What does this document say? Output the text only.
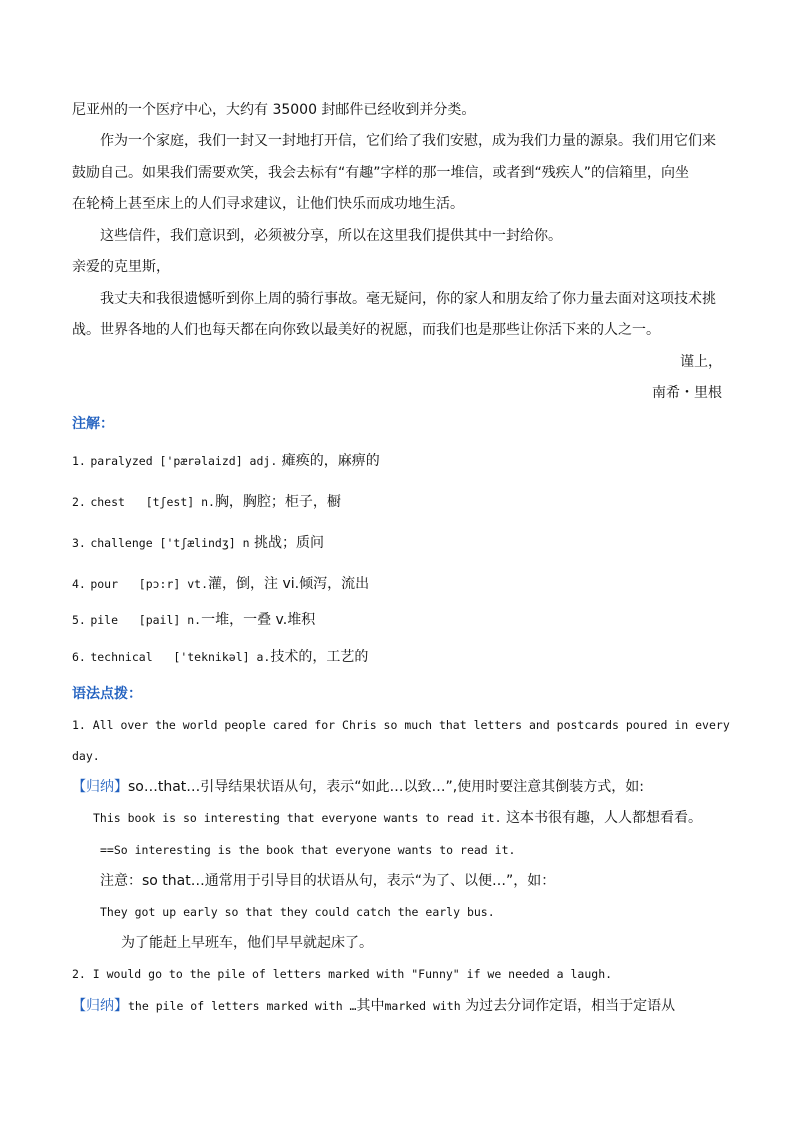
尼亚州的一个医疗中心，大约有 35000 封邮件已经收到并分类。
作为一个家庭，我们一封又一封地打开信，它们给了我们安慰，成为我们力量的源泉。我们用它们来
鼓励自己。如果我们需要欢笑，我会去标有“有趣”字样的那一堆信，或者到“残疾人”的信箱里，向坐
在轮椅上甚至床上的人们寻求建议，让他们快乐而成功地生活。
这些信件，我们意识到，必须被分享，所以在这里我们提供其中一封给你。
亲爱的克里斯，
我丈夫和我很遗憾听到你上周的骑行事故。毫无疑问，你的家人和朋友给了你力量去面对这项技术挑
战。世界各地的人们也每天都在向你致以最美好的祝愿，而我们也是那些让你活下来的人之一。
谨上，
南希・里根
注解：
1. paralyzed ['pærəlaizd] adj. 瘫痪的，麻痹的
2. chest   [tʃest] n.胸，胸腔；柜子，橱
3. challenge ['tʃælindʒ] n 挑战；质问
4. pour   [pɔ:r] vt.灌，倒，注 vi.倾泻，流出
5. pile   [pail] n.一堆，一叠 v.堆积
6. technical   ['teknikəl] a.技术的，工艺的
语法点拨：
1. All over the world people cared for Chris so much that letters and postcards poured in every
day.
【归纳】so…that…引导结果状语从句，表示“如此…以致…”,使用时要注意其倒装方式，如:
This book is so interesting that everyone wants to read it. 这本书很有趣，人人都想看看。
==So interesting is the book that everyone wants to read it.
注意：so that…通常用于引导目的状语从句，表示“为了、以便…”，如：
They got up early so that they could catch the early bus.
为了能赶上早班车，他们早早就起床了。
2. I would go to the pile of letters marked with "Funny" if we needed a laugh.
【归纳】the pile of letters marked with …其中marked with 为过去分词作定语，相当于定语从
